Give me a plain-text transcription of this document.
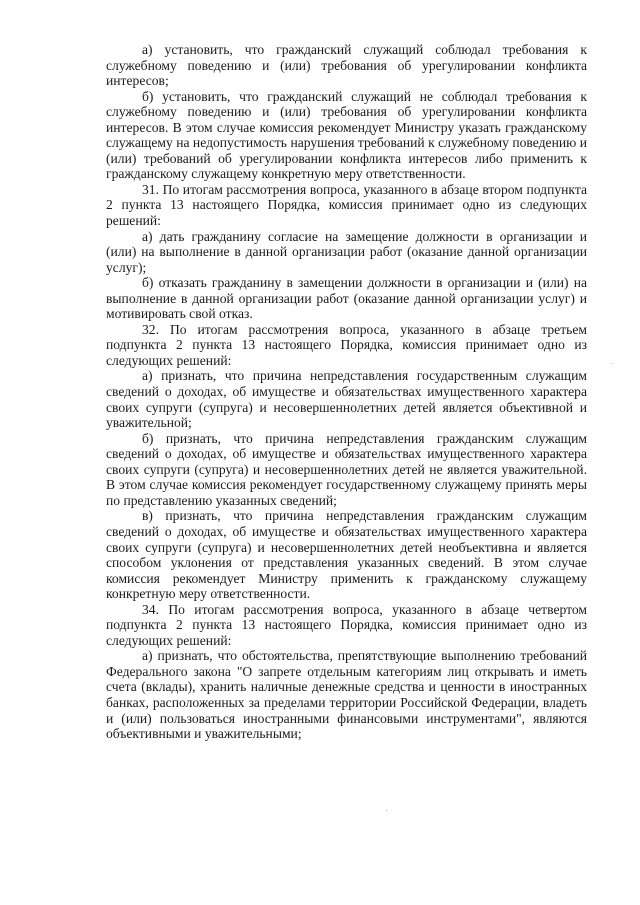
а) установить, что гражданский служащий соблюдал требования к служебному поведению и (или) требования об урегулировании конфликта интересов;

б) установить, что гражданский служащий не соблюдал требования к служебному поведению и (или) требования об урегулировании конфликта интересов. В этом случае комиссия рекомендует Министру указать гражданскому служащему на недопустимость нарушения требований к служебному поведению и (или) требований об урегулировании конфликта интересов либо применить к гражданскому служащему конкретную меру ответственности.

31. По итогам рассмотрения вопроса, указанного в абзаце втором подпункта 2 пункта 13 настоящего Порядка, комиссия принимает одно из следующих решений:

а) дать гражданину согласие на замещение должности в организации и (или) на выполнение в данной организации работ (оказание данной организации услуг);

б) отказать гражданину в замещении должности в организации и (или) на выполнение в данной организации работ (оказание данной организации услуг) и мотивировать свой отказ.

32. По итогам рассмотрения вопроса, указанного в абзаце третьем подпункта 2 пункта 13 настоящего Порядка, комиссия принимает одно из следующих решений:

а) признать, что причина непредставления государственным служащим сведений о доходах, об имуществе и обязательствах имущественного характера своих супруги (супруга) и несовершеннолетних детей является объективной и уважительной;

б) признать, что причина непредставления гражданским служащим сведений о доходах, об имуществе и обязательствах имущественного характера своих супруги (супруга) и несовершеннолетних детей не является уважительной. В этом случае комиссия рекомендует государственному служащему принять меры по представлению указанных сведений;

в) признать, что причина непредставления гражданским служащим сведений о доходах, об имуществе и обязательствах имущественного характера своих супруги (супруга) и несовершеннолетних детей необъективна и является способом уклонения от представления указанных сведений. В этом случае комиссия рекомендует Министру применить к гражданскому служащему конкретную меру ответственности.

34. По итогам рассмотрения вопроса, указанного в абзаце четвертом подпункта 2 пункта 13 настоящего Порядка, комиссия принимает одно из следующих решений:

а) признать, что обстоятельства, препятствующие выполнению требований Федерального закона "О запрете отдельным категориям лиц открывать и иметь счета (вклады), хранить наличные денежные средства и ценности в иностранных банках, расположенных за пределами территории Российской Федерации, владеть и (или) пользоваться иностранными финансовыми инструментами", являются объективными и уважительными;
